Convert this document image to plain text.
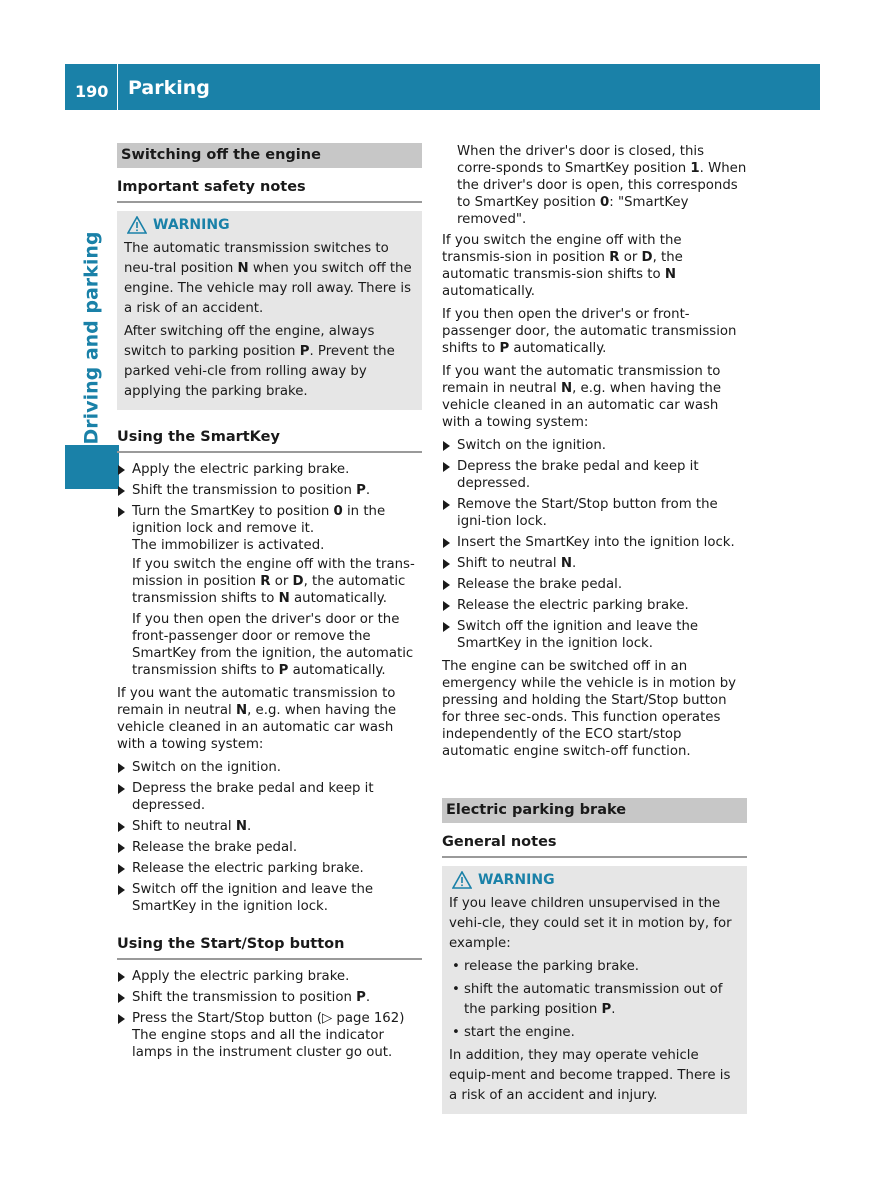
190 Parking
Driving and parking
Switching off the engine
Important safety notes
WARNING

The automatic transmission switches to neu-tral position N when you switch off the engine. The vehicle may roll away. There is a risk of an accident.

After switching off the engine, always switch to parking position P. Prevent the parked vehi-cle from rolling away by applying the parking brake.

Using the SmartKey
Apply the electric parking brake.
Shift the transmission to position P.
Turn the SmartKey to position 0 in the ignition lock and remove it.
The immobilizer is activated.
If you switch the engine off with the trans-mission in position R or D, the automatic transmission shifts to N automatically.
If you then open the driver's door or the front-passenger door or remove the SmartKey from the ignition, the automatic transmission shifts to P automatically.

If you want the automatic transmission to remain in neutral N, e.g. when having the vehicle cleaned in an automatic car wash with a towing system:

Switch on the ignition.
Depress the brake pedal and keep it depressed.
Shift to neutral N.
Release the brake pedal.
Release the electric parking brake.
Switch off the ignition and leave the SmartKey in the ignition lock.
Using the Start/Stop button
Apply the electric parking brake.
Shift the transmission to position P.
Press the Start/Stop button (▷ page 162) The engine stops and all the indicator lamps in the instrument cluster go out.
When the driver's door is closed, this corre-sponds to SmartKey position 1. When the driver's door is open, this corresponds to SmartKey position 0: "SmartKey removed".

If you switch the engine off with the transmis-sion in position R or D, the automatic transmis-sion shifts to N automatically.

If you then open the driver's or front-passenger door, the automatic transmission shifts to P automatically.

If you want the automatic transmission to remain in neutral N, e.g. when having the vehicle cleaned in an automatic car wash with a towing system:

Switch on the ignition.
Depress the brake pedal and keep it depressed.
Remove the Start/Stop button from the igni-tion lock.
Insert the SmartKey into the ignition lock.
Shift to neutral N.
Release the brake pedal.
Release the electric parking brake.
Switch off the ignition and leave the SmartKey in the ignition lock.

The engine can be switched off in an emergency while the vehicle is in motion by pressing and holding the Start/Stop button for three sec-onds. This function operates independently of the ECO start/stop automatic engine switch-off function.

Electric parking brake
General notes
WARNING

If you leave children unsupervised in the vehi-cle, they could set it in motion by, for example:

• release the parking brake.
• shift the automatic transmission out of the parking position P.
• start the engine.

In addition, they may operate vehicle equip-ment and become trapped. There is a risk of an accident and injury.
